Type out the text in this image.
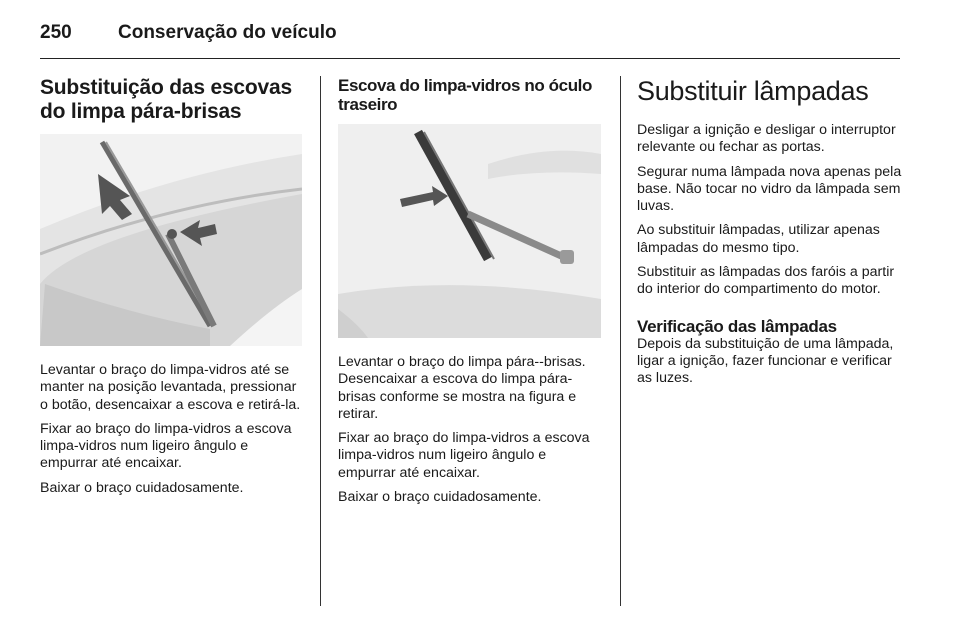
250 Conservação do veículo
Substituição das escovas do limpa pára-brisas

Levantar o braço do limpa-vidros até se manter na posição levantada, pressionar o botão, desencaixar a escova e retirá-la.

Fixar ao braço do limpa-vidros a escova limpa-vidros num ligeiro ângulo e empurrar até encaixar.

Baixar o braço cuidadosamente.

Escova do limpa-vidros no óculo traseiro

Levantar o braço do limpa pára--brisas. Desencaixar a escova do limpa pára-brisas conforme se mostra na figura e retirar.

Fixar ao braço do limpa-vidros a escova limpa-vidros num ligeiro ângulo e empurrar até encaixar.

Baixar o braço cuidadosamente.

Substituir lâmpadas

Desligar a ignição e desligar o interruptor relevante ou fechar as portas.

Segurar numa lâmpada nova apenas pela base. Não tocar no vidro da lâmpada sem luvas.

Ao substituir lâmpadas, utilizar apenas lâmpadas do mesmo tipo.

Substituir as lâmpadas dos faróis a partir do interior do compartimento do motor.

Verificação das lâmpadas

Depois da substituição de uma lâmpada, ligar a ignição, fazer funcionar e verificar as luzes.
